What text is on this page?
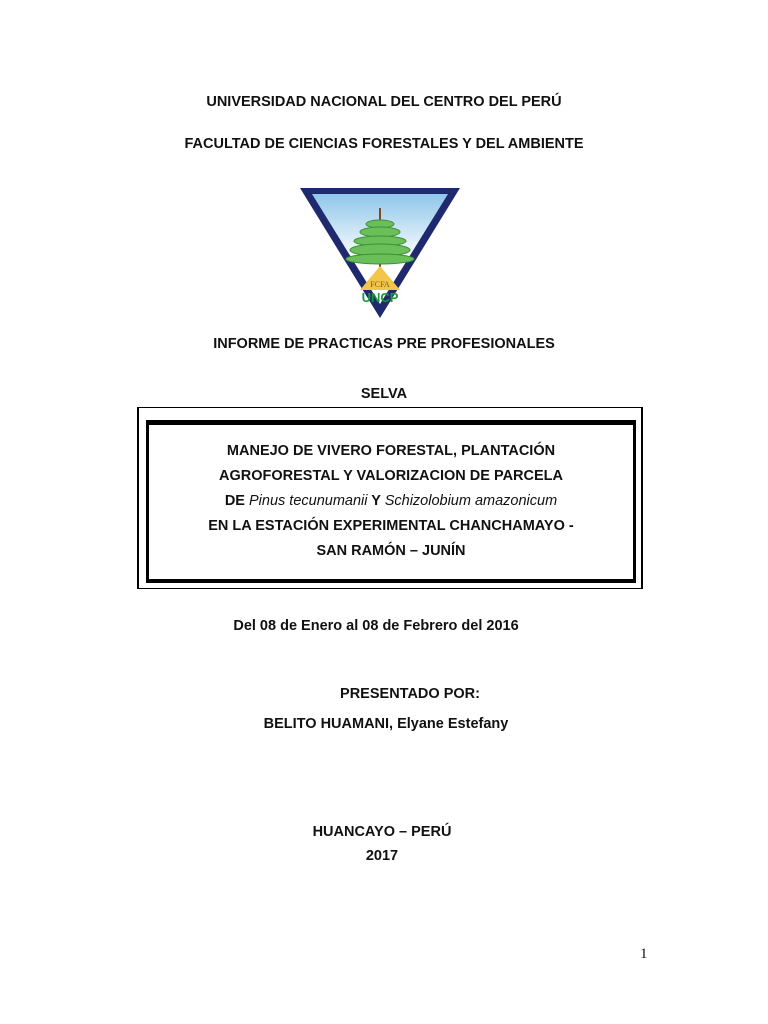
UNIVERSIDAD NACIONAL DEL CENTRO DEL PERÚ
FACULTAD DE CIENCIAS FORESTALES Y DEL AMBIENTE
FCFA
UNCP
INFORME DE PRACTICAS PRE PROFESIONALES
SELVA
MANEJO DE VIVERO FORESTAL, PLANTACIÓN
AGROFORESTAL Y VALORIZACION DE PARCELA
DE Pinus tecunumanii Y Schizolobium amazonicum
EN LA ESTACIÓN EXPERIMENTAL CHANCHAMAYO -
SAN RAMÓN – JUNÍN
Del 08 de Enero al 08 de Febrero del 2016
PRESENTADO POR:
BELITO HUAMANI, Elyane Estefany
HUANCAYO – PERÚ
2017
1
